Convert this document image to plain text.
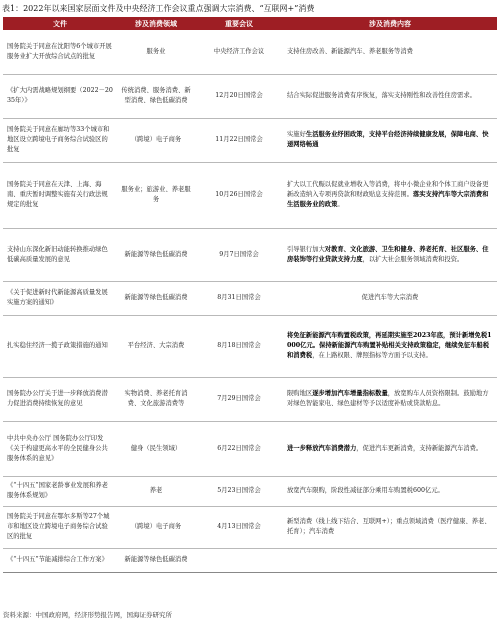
表1：2022年以来国家层面文件及中央经济工作会议重点强调大宗消费、“互联网+”消费
文件	涉及消费领域	重要会议	涉及消费内容
国务院关于同意在沈阳等6个城市开展服务业扩大开放综合试点的批复	服务业	中央经济工作会议	支持住房改善、新能源汽车、养老服务等消费
《扩大内需战略规划纲要（2022－2035年）》	传统消费、服务消费、新型消费、绿色低碳消费	12月20日国常会	结合实际促进服务消费有序恢复，落实支持刚性和改善性住房需求。
国务院关于同意在廊坊等33个城市和地区设立跨境电子商务综合试验区的批复	（跨境）电子商务	11月22日国常会	实施好生活服务业纾困政策，支持平台经济持续健康发展，保障电商、快递网络畅通
国务院关于同意在天津、上海、海南、重庆暂时调整实施有关行政法规规定的批复	服务业；旅游业、养老服务	10月26日国常会	扩大以工代赈以促就业增收入等消费，将中小微企业和个体工商户设备更新改造纳入专项再贷款和财政贴息支持范围。落实支持汽车等大宗消费和生活服务业的政策。
支持山东深化新旧动能转换推动绿色低碳高质量发展的意见	新能源等绿色低碳消费	9月7日国常会	引导银行加大对教育、文化旅游、卫生和健身、养老托育、社区服务、住房装饰等行业贷款支持力度，以扩大社会服务领域消费和投资。
《关于促进新时代新能源高质量发展实施方案的通知》	新能源等绿色低碳消费	8月31日国常会	促进汽车等大宗消费
扎实稳住经济一揽子政策措施的通知	平台经济、大宗消费	8月18日国常会	将免征新能源汽车购置税政策，再延期实施至2023年底，预计新增免税1000亿元。保持新能源汽车购置补贴相关支持政策稳定，继续免征车船税和消费税，在上路权限、牌照指标等方面予以支持。
国务院办公厅关于进一步释放消费潜力促进消费持续恢复的意见	实物消费、养老托育消费、文化旅游消费等	7月29日国常会	限购地区逐步增加汽车增量指标数量，放宽购车人员资格限制。鼓励地方对绿色智能家电、绿色建材等予以适度补贴或贷款贴息。
中共中央办公厅 国务院办公厅印发《关于构建更高水平的全民健身公共服务体系的意见》	健身（民生领域）	6月22日国常会	进一步释放汽车消费潜力，促进汽车更新消费，支持新能源汽车消费。
《“十四五”国家老龄事业发展和养老服务体系规划》	养老	5月23日国常会	放宽汽车限购，阶段性减征部分乘用车购置税600亿元。
国务院关于同意在鄂尔多斯等27个城市和地区设立跨境电子商务综合试验区的批复	（跨境）电子商务	4月13日国常会	新型消费（线上线下结合、互联网+）；重点领域消费（医疗健康、养老、托育）；汽车消费
《“十四五”节能减排综合工作方案》	新能源等绿色低碳消费		
资料来源：中国政府网，经济形势报告网，国海证券研究所
